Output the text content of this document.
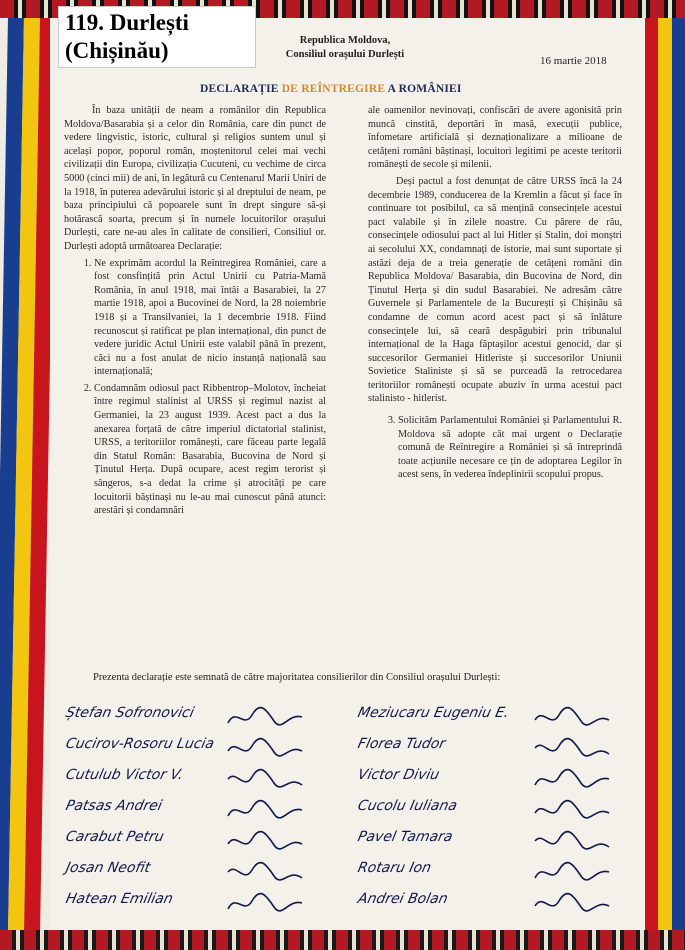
119. Durlești
(Chișinău)	Republica Moldova,
Consiliul orașului Durlești
16 martie 2018
DECLARAȚIE DE REÎNTREGIRE A ROMÂNIEI

În baza unității de neam a românilor din Republica Moldova/Basarabia și a celor din România, care din punct de vedere lingvistic, istoric, cultural și religios suntem unul și același popor, poporul român, moștenitorul celei mai vechi civilizații din Europa, civilizația Cucuteni, cu vechime de circa 5000 (cinci mii) de ani, în legătură cu Centenarul Marii Uniri de la 1918, în puterea adevărului istoric și al dreptului de neam, pe baza principiului că popoarele sunt în drept singure să-și hotărască soarta, precum și în numele locuitorilor orașului Durlești, care ne-au ales în calitate de consilieri, Consiliul or. Durlești adoptă următoarea Declarație:

1. Ne exprimăm acordul la Reîntregirea României, care a fost consfințită prin Actul Unirii cu Patria-Mamă România, în anul 1918, mai întâi a Basarabiei, la 27 martie 1918, apoi a Bucovinei de Nord, la 28 noiembrie 1918 și a Transilvaniei, la 1 decembrie 1918. Fiind recunoscut și ratificat pe plan internațional, din punct de vedere juridic Actul Unirii este valabil până în prezent, căci nu a fost anulat de nicio instanță națională sau internațională;
2. Condamnăm odiosul pact Ribbentrop–Molotov, încheiat între regimul stalinist al URSS și regimul nazist al Germaniei, la 23 august 1939. Acest pact a dus la anexarea forțată de către imperiul dictatorial stalinist, URSS, a teritoriilor românești, care făceau parte legală din Statul Român: Basarabia, Bucovina de Nord și Ținutul Herța. După ocupare, acest regim terorist și sângeros, s-a dedat la crime și atrocități pe care locuitorii băștinași nu le-au mai cunoscut până atunci: arestări și condamnări

ale oamenilor nevinovați, confiscări de avere agonisită prin muncă cinstită, deportări în masă, execuții publice, înfometare artificială și deznaționalizare a milioane de cetățeni români băștinași, locuitori legitimi pe aceste teritorii românești de secole și milenii.

Deși pactul a fost denunțat de către URSS încă la 24 decembrie 1989, conducerea de la Kremlin a făcut și face în continuare tot posibilul, ca să mențină consecințele acestui pact valabile și în zilele noastre. Cu părere de rău, consecințele odiosului pact al lui Hitler și Stalin, doi monștri ai secolului XX, condamnați de istorie, mai sunt suportate și astăzi deja de a treia generație de cetățeni români din Republica Moldova/ Basarabia, din Bucovina de Nord, din Ținutul Herța și din sudul Basarabiei. Ne adresăm către Guvernele și Parlamentele de la București și Chișinău să condamne de comun acord acest pact și să înlăture consecințele lui, să ceară despăgubiri prin tribunalul internațional de la Haga făptașilor acestui genocid, dar și succesorilor Germaniei Hitleriste și succesorilor Uniunii Sovietice Staliniste și să se purceadă la retrocedarea teritoriilor românești ocupate abuziv în urma acestui pact stalinisto - hitlerist.

3. Solicităm Parlamentului României și Parlamentului R. Moldova să adopte cât mai urgent o Declarație comună de Reîntregire a României și să întreprindă toate acțiunile necesare ce țin de adoptarea Legilor în acest sens, în vederea îndeplinirii scopului propus.
Prezenta declarație este semnată de către majoritatea consilierilor din Consiliul orașului Durlești:
Ștefan Sofronovici
Cucirov-Rosoru Lucia
Cutulub Victor V.
Patsas Andrei
Carabut Petru
Josan Neofit
Hatean Emilian
Meziucaru Eugeniu E.
Florea Tudor
Victor Diviu
Cucolu Iuliana
Pavel Tamara
Rotaru Ion
Andrei Bolan
